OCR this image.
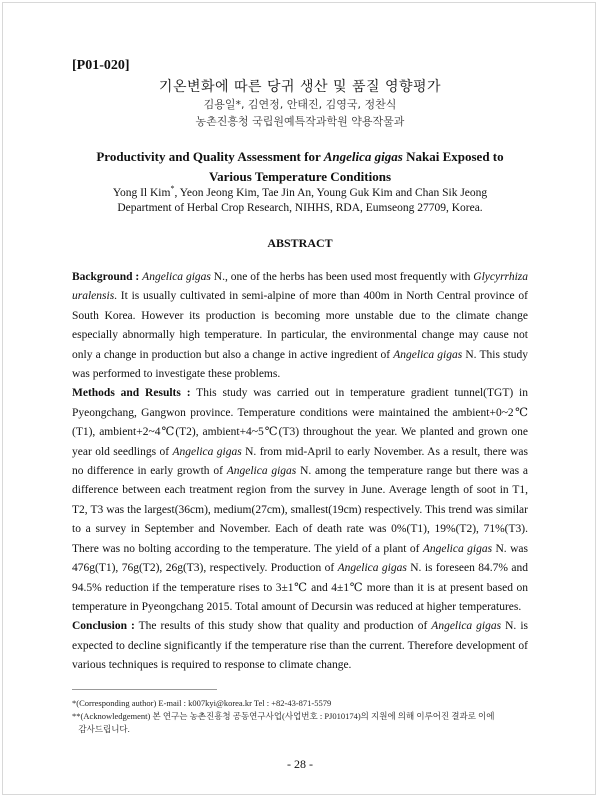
[P01-020]
기온변화에 따른 당귀 생산 및 품질 영향평가
김용일*, 김연정, 안태진, 김영국, 정찬식
농촌진흥청 국립원예특작과학원 약용작물과
Productivity and Quality Assessment for Angelica gigas Nakai Exposed to
Various Temperature Conditions
Yong Il Kim*, Yeon Jeong Kim, Tae Jin An, Young Guk Kim and Chan Sik Jeong
Department of Herbal Crop Research, NIHHS, RDA, Eumseong 27709, Korea.
ABSTRACT

Background : Angelica gigas N., one of the herbs has been used most frequently with Glycyrrhiza uralensis. It is usually cultivated in semi-alpine of more than 400m in North Central province of South Korea. However its production is becoming more unstable due to the climate change especially abnormally high temperature. In particular, the environmental change may cause not only a change in production but also a change in active ingredient of Angelica gigas N. This study was performed to investigate these problems.

Methods and Results : This study was carried out in temperature gradient tunnel(TGT) in Pyeongchang, Gangwon province. Temperature conditions were maintained the ambient+0~2℃ (T1), ambient+2~4℃(T2), ambient+4~5℃(T3) throughout the year. We planted and grown one year old seedlings of Angelica gigas N. from mid-April to early November. As a result, there was no difference in early growth of Angelica gigas N. among the temperature range but there was a difference between each treatment region from the survey in June. Average length of soot in T1, T2, T3 was the largest(36cm), medium(27cm), smallest(19cm) respectively. This trend was similar to a survey in September and November. Each of death rate was 0%(T1), 19%(T2), 71%(T3). There was no bolting according to the temperature. The yield of a plant of Angelica gigas N. was 476g(T1), 76g(T2), 26g(T3), respectively. Production of Angelica gigas N. is foreseen 84.7% and 94.5% reduction if the temperature rises to 3±1℃ and 4±1℃ more than it is at present based on temperature in Pyeongchang 2015. Total amount of Decursin was reduced at higher temperatures.

Conclusion : The results of this study show that quality and production of Angelica gigas N. is expected to decline significantly if the temperature rise than the current. Therefore development of various techniques is required to response to climate change.

*(Corresponding author) E-mail : k007kyi@korea.kr Tel : +82-43-871-5579
**(Acknowledgement) 본 연구는 농촌진흥청 공동연구사업(사업번호 : PJ010174)의 지원에 의해 이루어진 결과로 이에
감사드립니다.
- 28 -
